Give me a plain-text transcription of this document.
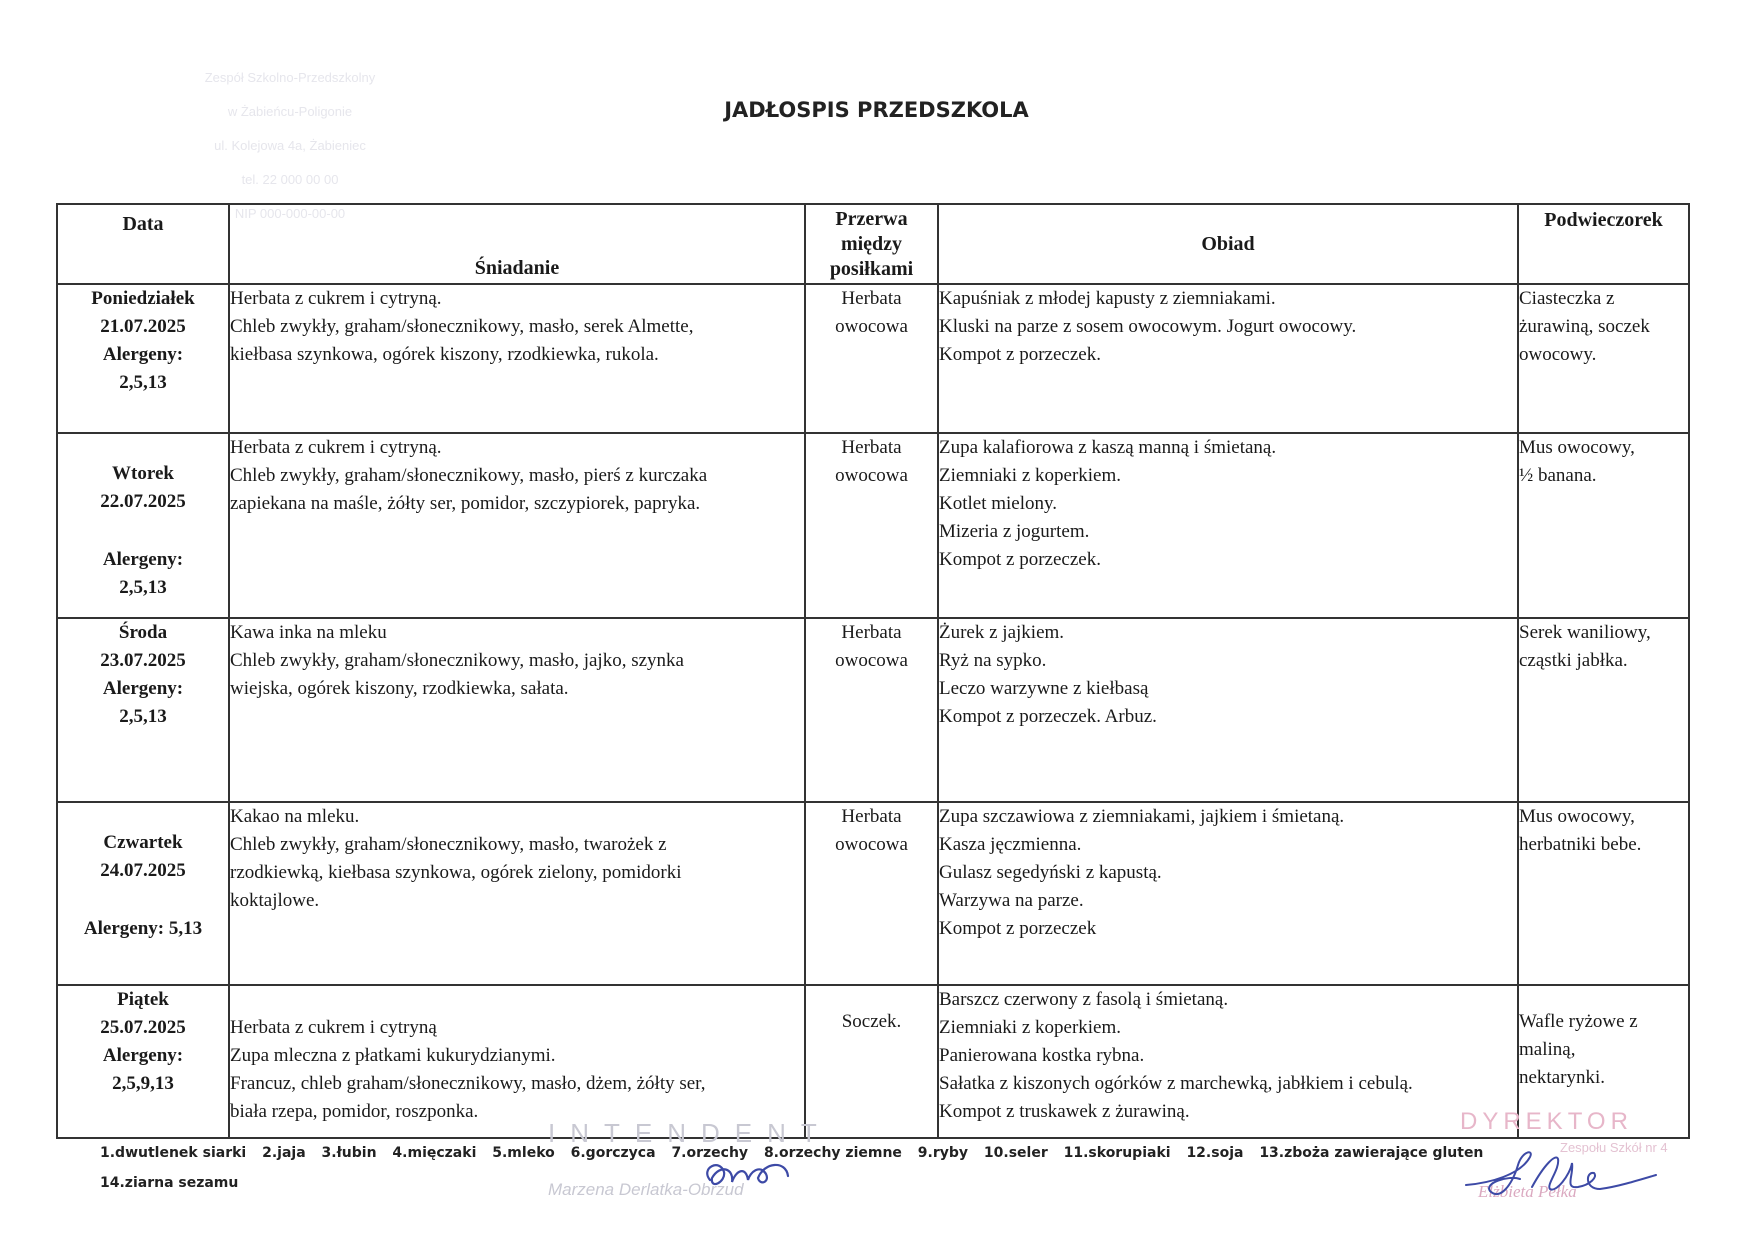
Zespół Szkolno-Przedszkolny

w Żabieńcu-Poligonie

ul. Kolejowa 4a, Żabieniec

tel. 22 000 00 00

NIP 000-000-00-00

JADŁOSPIS PRZEDSZKOLA
Data	Śniadanie	Przerwa
między
posiłkami	Obiad	Podwieczorek

Poniedziałek
21.07.2025
Alergeny:
2,5,13	Herbata z cukrem i cytryną.
Chleb zwykły, graham/słonecznikowy, masło, serek Almette,
kiełbasa szynkowa, ogórek kiszony, rzodkiewka, rukola.	Herbata
owocowa	Kapuśniak z młodej kapusty z ziemniakami.
Kluski na parze z sosem owocowym. Jogurt owocowy.
Kompot z porzeczek.	Ciasteczka z
żurawiną, soczek
owocowy.

Wtorek
22.07.2025
Alergeny:
2,5,13	Herbata z cukrem i cytryną.
Chleb zwykły, graham/słonecznikowy, masło, pierś z kurczaka
zapiekana na maśle, żółty ser, pomidor, szczypiorek, papryka.	Herbata
owocowa	Zupa kalafiorowa z kaszą manną i śmietaną.
Ziemniaki z koperkiem.
Kotlet mielony.
Mizeria z jogurtem.
Kompot z porzeczek.	Mus owocowy,
½ banana.

Środa
23.07.2025
Alergeny:
2,5,13	Kawa inka na mleku
Chleb zwykły, graham/słonecznikowy, masło, jajko, szynka
wiejska, ogórek kiszony, rzodkiewka, sałata.	Herbata
owocowa	Żurek z jajkiem.
Ryż na sypko.
Leczo warzywne z kiełbasą
Kompot z porzeczek. Arbuz.	Serek waniliowy,
cząstki jabłka.

Czwartek
24.07.2025
Alergeny: 5,13	Kakao na mleku.
Chleb zwykły, graham/słonecznikowy, masło, twarożek z
rzodkiewką, kiełbasa szynkowa, ogórek zielony, pomidorki
koktajlowe.	Herbata
owocowa	Zupa szczawiowa z ziemniakami, jajkiem i śmietaną.
Kasza jęczmienna.
Gulasz segedyński z kapustą.
Warzywa na parze.
Kompot z porzeczek	Mus owocowy,
herbatniki bebe.

Piątek
25.07.2025
Alergeny:
2,5,9,13	Herbata z cukrem i cytryną
Zupa mleczna z płatkami kukurydzianymi.
Francuz, chleb graham/słonecznikowy, masło, dżem, żółty ser,
biała rzepa, pomidor, roszponka.	Soczek.	Barszcz czerwony z fasolą i śmietaną.
Ziemniaki z koperkiem.
Panierowana kostka rybna.
Sałatka z kiszonych ogórków z marchewką, jabłkiem i cebulą.
Kompot z truskawek z żurawiną.	Wafle ryżowe z
maliną,
nektarynki.
1.dwutlenek siarki 2.jaja 3.łubin 4.mięczaki 5.mleko 6.gorczyca 7.orzechy 8.orzechy ziemne 9.ryby 10.seler 11.skorupiaki 12.soja 13.zboża zawierające gluten 14.ziarna sezamu
INTENDENT
Marzena Derlatka-Obrzud
DYREKTOR
Zespołu Szkół nr 4
Elżbieta Pełka
